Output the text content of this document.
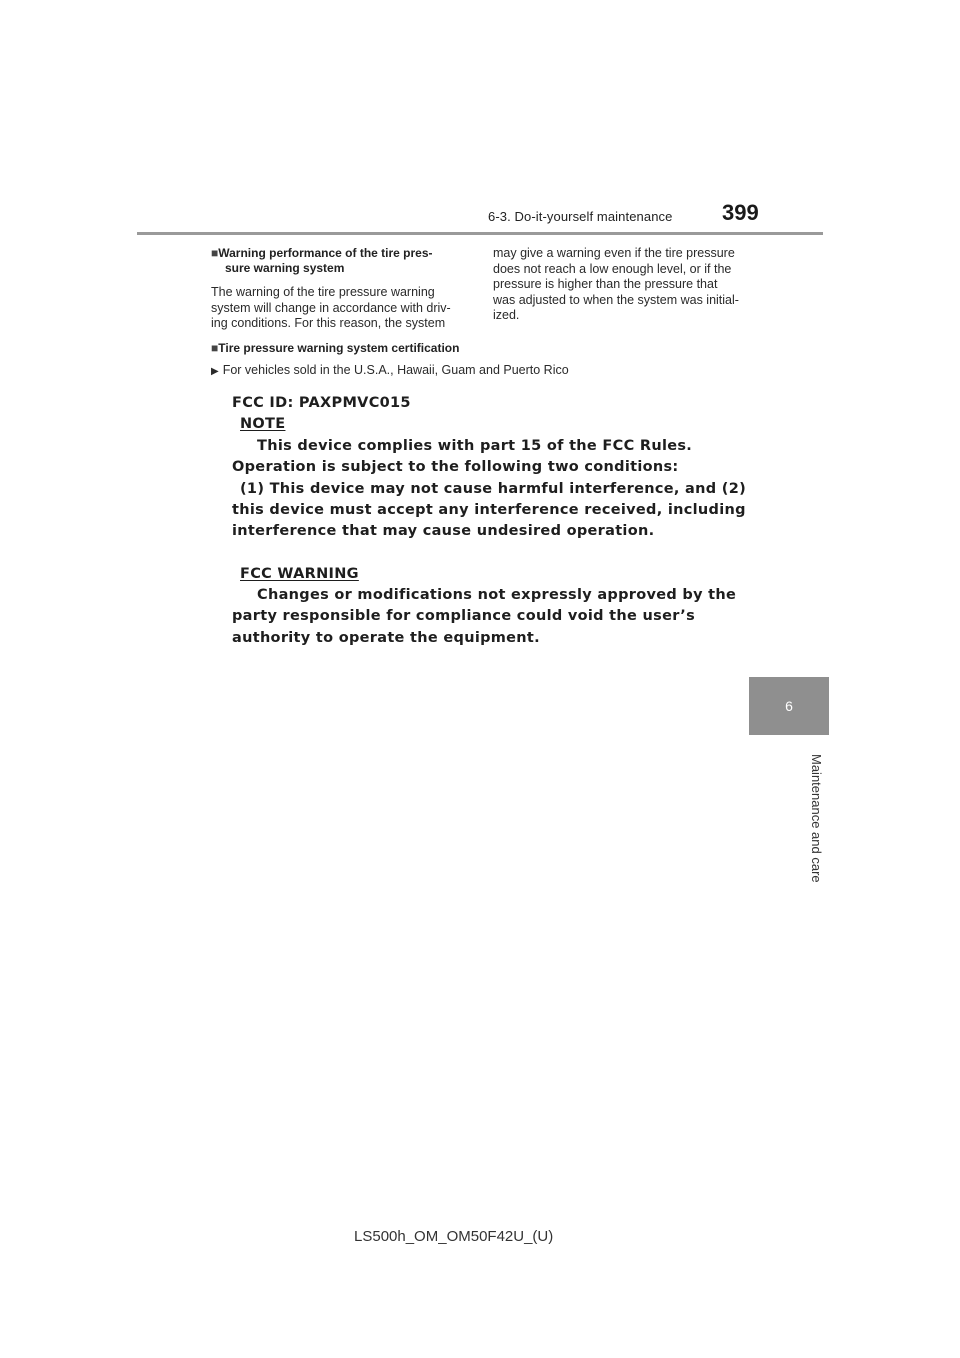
6-3. Do-it-yourself maintenance 399
6
Maintenance and care
■Warning performance of the tire pres-
sure warning system
The warning of the tire pressure warning
system will change in accordance with driv-
ing conditions. For this reason, the system
may give a warning even if the tire pressure
does not reach a low enough level, or if the
pressure is higher than the pressure that
was adjusted to when the system was initial-
ized.
■Tire pressure warning system certification
▶ For vehicles sold in the U.S.A., Hawaii, Guam and Puerto Rico
FCC ID: PAXPMVC015
NOTE
This device complies with part 15 of the FCC Rules.
Operation is subject to the following two conditions:
(1) This device may not cause harmful interference, and (2)
this device must accept any interference received, including
interference that may cause undesired operation.
FCC WARNING
Changes or modifications not expressly approved by the
party responsible for compliance could void the user’s
authority to operate the equipment.
LS500h_OM_OM50F42U_(U)
